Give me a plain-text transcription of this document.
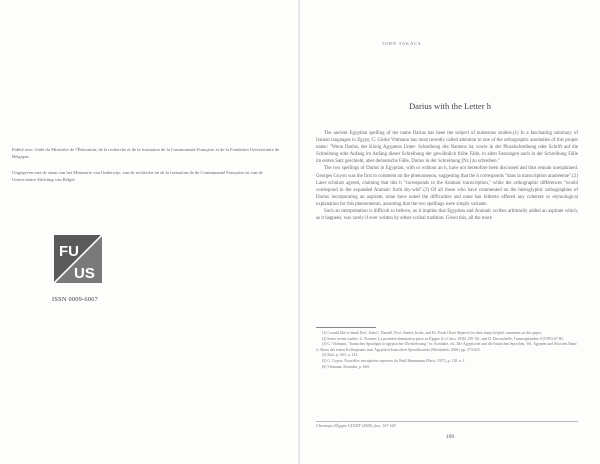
Publié avec l'aide du Ministère de l'Éducation, de la recherche et de la formation de la Communauté Française et de la Fondation Universitaire de Belgique.
Uitgegeven met de steun van het Ministerie van Onderwijs, van de recherche en de la formation de de Communauté Française en van de Universitaire Stichting van België.
FU
US
ISSN 0009-6067
JOHN TAKÁCS
Darius with the Letter h

The ancient Egyptian spelling of the name Darius has been the subject of numerous studies.(1) In a fascinating summary of Iranian languages in Egypt, G. Görke Vittmann has most recently called attention to one of the orthographic anomalies of this proper name: "Wenn Darius, der König Agyptens Unter- Schreibung des Namens ist, sowie in der Pluralschreibung oder Schrift auf die Schreibung oder Anfang im Anfang dieser Schreibung der gewöhnlich frühe Fälle, in allen Fassungen auch in der Schreibung Fälle im ersten Satz geschieht, aber demotische Fälle, Darius in der Schreibung [Nr.] zu schreiben."

The two spellings of Darius in Egyptian, with or without an h, have not heretofore been discussed and thus remain unexplained. Georges Goyon was the first to comment on the phenomenon, suggesting that the h corresponds "dans la transcription araméenne".(2) Later scholars agreed, claiming that this h "corresponds to the Aramaic transcription," while the orthographic differences "would correspond to the expanded Aramaic form dry-whš".(3) Of all those who have commented on the hieroglyphic orthographies of Darius incorporating an aspirate, none have noted the difficulties and none has hitherto offered any coherent or etymological explanation for this phenomenon, assuming that the two spellings were simply variants.

Such an interpretation is difficult to believe, as it implies that Egyptian and Aramaic scribes arbitrarily added an aspirate which, as it happens, was rarely if ever written by either scribal tradition. Given this, all the more

(1) I would like to thank Prof. John C. Darnell, Prof. Stanley Insler, and Dr. Prods Oktor Skjærvø for their many helpful comments on this paper.

(2) Some recent studies: G. Posener, La première domination perse en Égypte (Le Caire, 1936) 159-161; and D. Devauchelle, Transeuphratène 9 (1995) 67-80.

(3) G. Vittmann, "Iranisches Sprachgut in ägyptischer Überlieferung," in: Kontakte, ed., Die Ägyptische und die Iranischen Sprachen, Vol. Ägypten und Altorient Band 2; Akten des ersten Kolloquiums zum Ägyptisch-Iranischen Sprachkontakt (Wiesbaden, 2006), pp. 573-625.

(4) Ibid., p. 603, n. 142.

(5) G. Goyon, Nouvelles inscriptions rupestres du Wadi Hammamat (Paris, 1957), p. 118, n. 1.

(6) Vittmann, Kontakte, p. 604.

Chronique d'Égypte LXXXIV (2009), fasc. 167-168
109
